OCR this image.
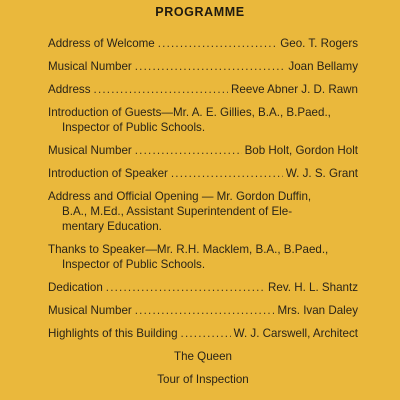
PROGRAMME
Address of Welcome .....	Geo. T. Rogers
Musical Number .....	Joan Bellamy
Address .....	Reeve Abner J. D. Rawn
Introduction of Guests—Mr. A. E. Gillies, B.A., B.Paed.,
Inspector of Public Schools.
Musical Number .....	Bob Holt, Gordon Holt
Introduction of Speaker .....	W. J. S. Grant
Address and Official Opening — Mr. Gordon Duffin,
B.A., M.Ed., Assistant Superintendent of Ele-
mentary Education.
Thanks to Speaker—Mr. R.H. Macklem, B.A., B.Paed.,
Inspector of Public Schools.
Dedication .....	Rev. H. L. Shantz
Musical Number .....	Mrs. Ivan Daley
Highlights of this Building .....	W. J. Carswell, Architect
The Queen
Tour of Inspection
